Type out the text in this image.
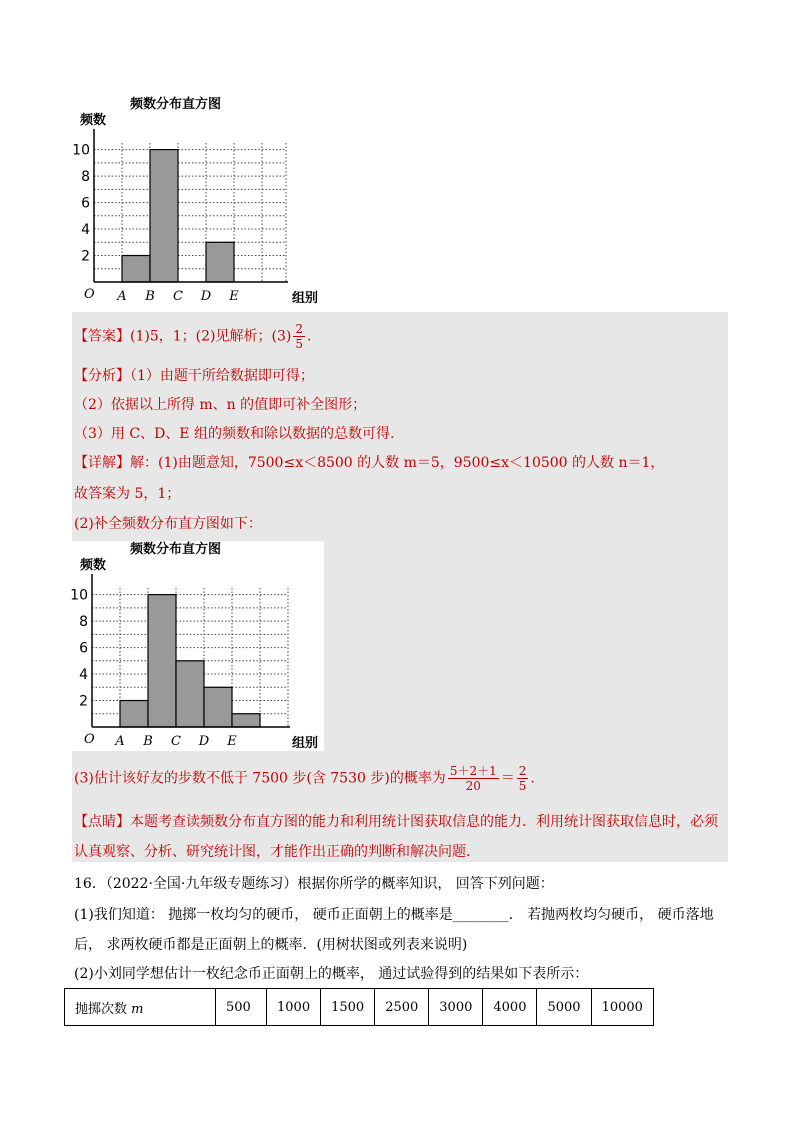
频数分布直方图
频数
组别
O
2
4
6
8
10
A B C D E
【答案】(1)5，1；(2)见解析；$(3) \frac{2}{5}$ .
【分析】（1）由题干所给数据即可得；
（2）依据以上所得 m、n 的值即可补全图形；
（3）用 C、D、E 组的频数和除以数据的总数可得.
【详解】解：(1)由题意知，7500≤x＜8500 的人数 m＝5，9500≤x＜10500 的人数 n＝1，
故答案为 5，1；
(2)补全频数分布直方图如下：
频数分布直方图
频数
组别
O
2
4
6
8
10
A B C D E
(3)估计该好友的步数不低于 7500 步(含 7530 步)的概率为 $\frac{5+2+1}{20} = \frac{2}{5}$ .
【点睛】本题考查读频数分布直方图的能力和利用统计图获取信息的能力．利用统计图获取信息时，必须
认真观察、分析、研究统计图，才能作出正确的判断和解决问题.
16．（2022·全国·九年级专题练习）根据你所学的概率知识， 回答下列问题：
(1)我们知道： 抛掷一枚均匀的硬币， 硬币正面朝上的概率是________． 若抛两枚均匀硬币， 硬币落地
后， 求两枚硬币都是正面朝上的概率．(用树状图或列表来说明)
(2)小刘同学想估计一枚纪念币正面朝上的概率， 通过试验得到的结果如下表所示：
抛掷次数 m	500	1000	1500	2500	3000	4000	5000	10000
